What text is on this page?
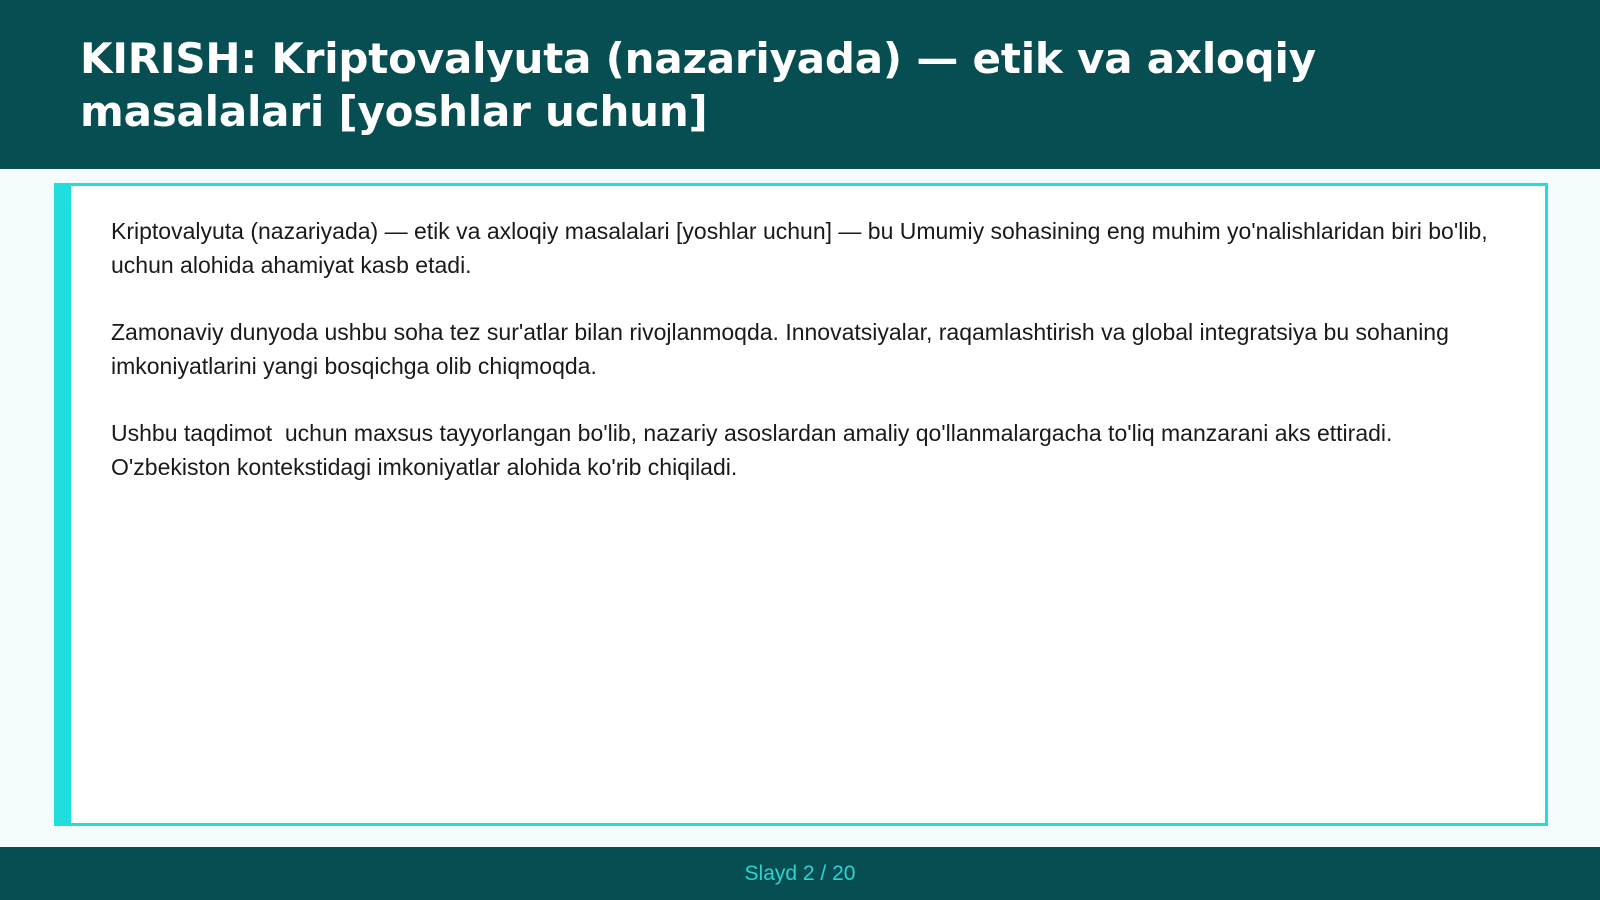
KIRISH: Kriptovalyuta (nazariyada) — etik va axloqiy masalalari [yoshlar uchun]

Kriptovalyuta (nazariyada) — etik va axloqiy masalalari [yoshlar uchun] — bu Umumiy sohasining eng muhim yo'nalishlaridan biri bo'lib,  uchun alohida ahamiyat kasb etadi.

Zamonaviy dunyoda ushbu soha tez sur'atlar bilan rivojlanmoqda. Innovatsiyalar, raqamlashtirish va global integratsiya bu sohaning imkoniyatlarini yangi bosqichga olib chiqmoqda.

Ushbu taqdimot  uchun maxsus tayyorlangan bo'lib, nazariy asoslardan amaliy qo'llanmalargacha to'liq manzarani aks ettiradi. O'zbekiston kontekstidagi imkoniyatlar alohida ko'rib chiqiladi.

Slayd 2 / 20
